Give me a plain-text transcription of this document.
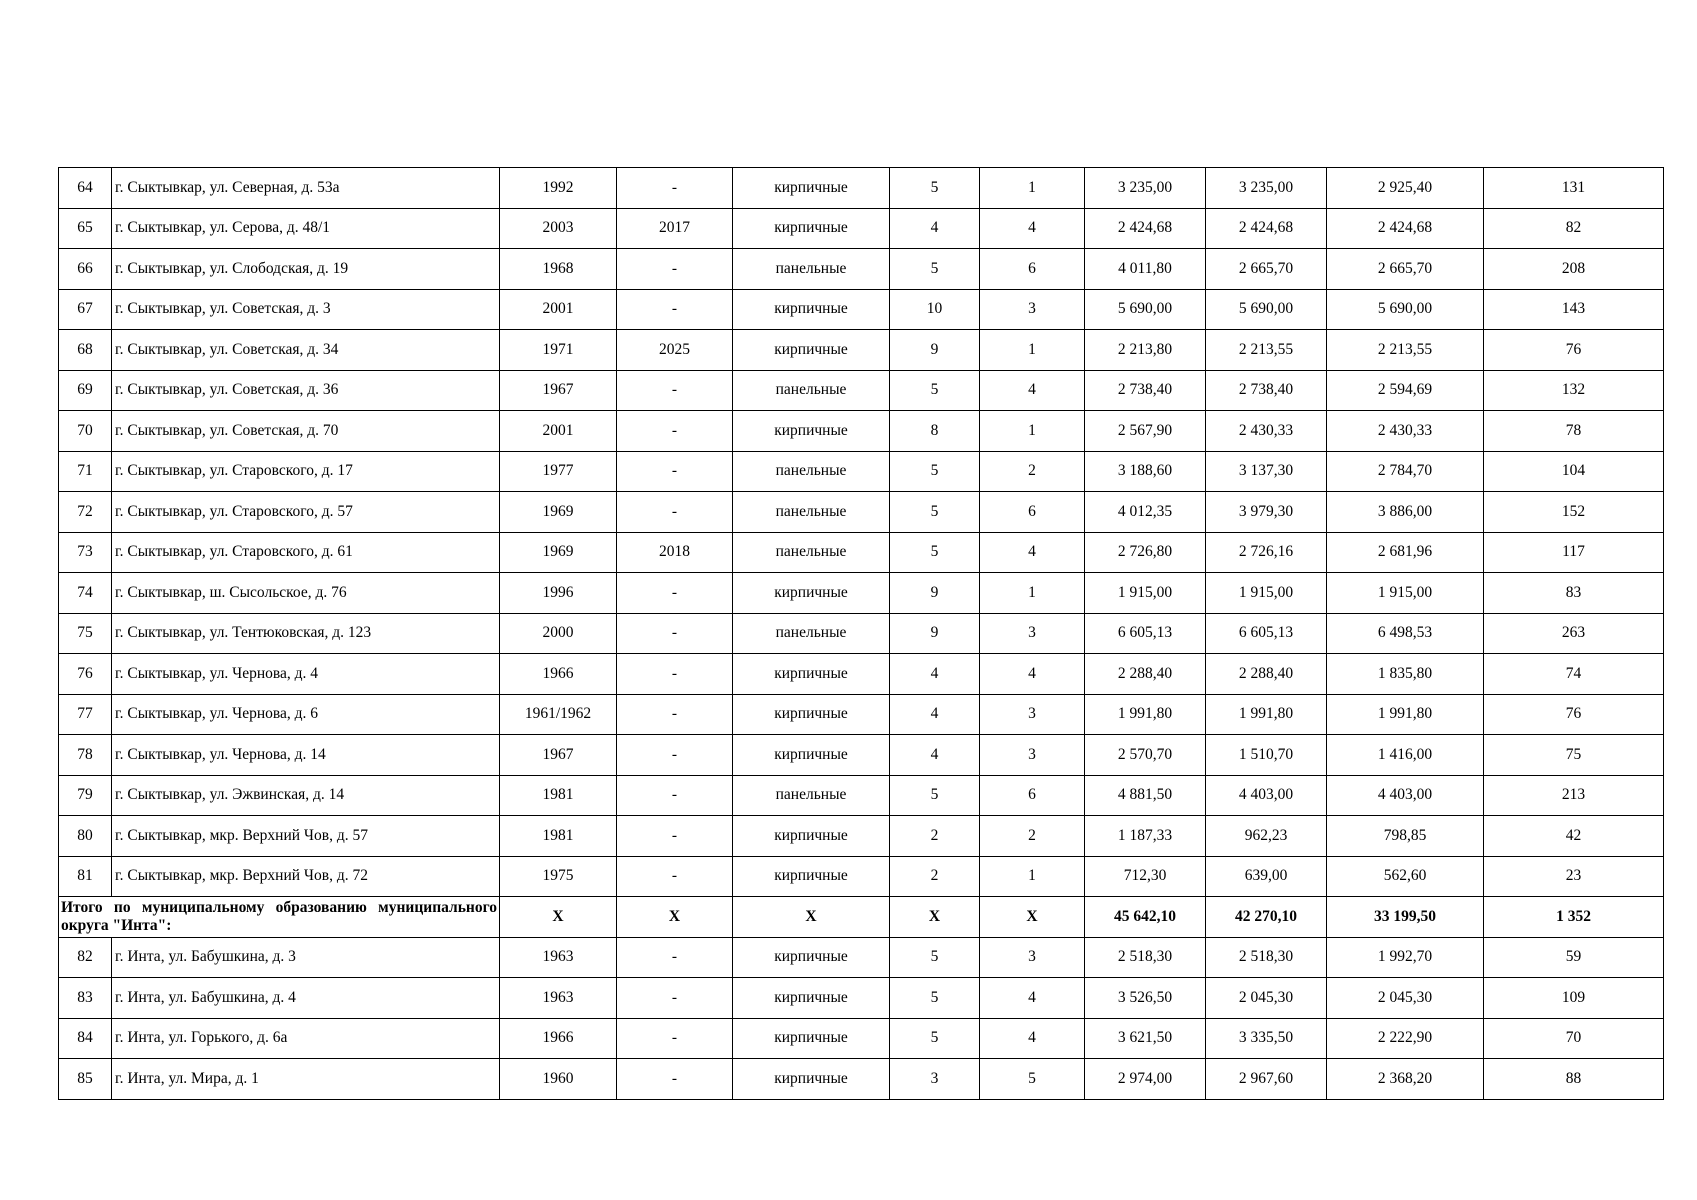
64	г. Сыктывкар, ул. Северная, д. 53а	1992	-	кирпичные	5	1	3 235,00	3 235,00	2 925,40	131
65	г. Сыктывкар, ул. Серова, д. 48/1	2003	2017	кирпичные	4	4	2 424,68	2 424,68	2 424,68	82
66	г. Сыктывкар, ул. Слободская, д. 19	1968	-	панельные	5	6	4 011,80	2 665,70	2 665,70	208
67	г. Сыктывкар, ул. Советская, д. 3	2001	-	кирпичные	10	3	5 690,00	5 690,00	5 690,00	143
68	г. Сыктывкар, ул. Советская, д. 34	1971	2025	кирпичные	9	1	2 213,80	2 213,55	2 213,55	76
69	г. Сыктывкар, ул. Советская, д. 36	1967	-	панельные	5	4	2 738,40	2 738,40	2 594,69	132
70	г. Сыктывкар, ул. Советская, д. 70	2001	-	кирпичные	8	1	2 567,90	2 430,33	2 430,33	78
71	г. Сыктывкар, ул. Старовского, д. 17	1977	-	панельные	5	2	3 188,60	3 137,30	2 784,70	104
72	г. Сыктывкар, ул. Старовского, д. 57	1969	-	панельные	5	6	4 012,35	3 979,30	3 886,00	152
73	г. Сыктывкар, ул. Старовского, д. 61	1969	2018	панельные	5	4	2 726,80	2 726,16	2 681,96	117
74	г. Сыктывкар, ш. Сысольское, д. 76	1996	-	кирпичные	9	1	1 915,00	1 915,00	1 915,00	83
75	г. Сыктывкар, ул. Тентюковская, д. 123	2000	-	панельные	9	3	6 605,13	6 605,13	6 498,53	263
76	г. Сыктывкар, ул. Чернова, д. 4	1966	-	кирпичные	4	4	2 288,40	2 288,40	1 835,80	74
77	г. Сыктывкар, ул. Чернова, д. 6	1961/1962	-	кирпичные	4	3	1 991,80	1 991,80	1 991,80	76
78	г. Сыктывкар, ул. Чернова, д. 14	1967	-	кирпичные	4	3	2 570,70	1 510,70	1 416,00	75
79	г. Сыктывкар, ул. Эжвинская, д. 14	1981	-	панельные	5	6	4 881,50	4 403,00	4 403,00	213
80	г. Сыктывкар, мкр. Верхний Чов, д. 57	1981	-	кирпичные	2	2	1 187,33	962,23	798,85	42
81	г. Сыктывкар, мкр. Верхний Чов, д. 72	1975	-	кирпичные	2	1	712,30	639,00	562,60	23
Итого по муниципальному образованию муниципального округа "Инта":		Х	Х	Х	Х	Х	45 642,10	42 270,10	33 199,50	1 352
82	г. Инта, ул. Бабушкина, д. 3	1963	-	кирпичные	5	3	2 518,30	2 518,30	1 992,70	59
83	г. Инта, ул. Бабушкина, д. 4	1963	-	кирпичные	5	4	3 526,50	2 045,30	2 045,30	109
84	г. Инта, ул. Горького, д. 6а	1966	-	кирпичные	5	4	3 621,50	3 335,50	2 222,90	70
85	г. Инта, ул. Мира, д. 1	1960	-	кирпичные	3	5	2 974,00	2 967,60	2 368,20	88
